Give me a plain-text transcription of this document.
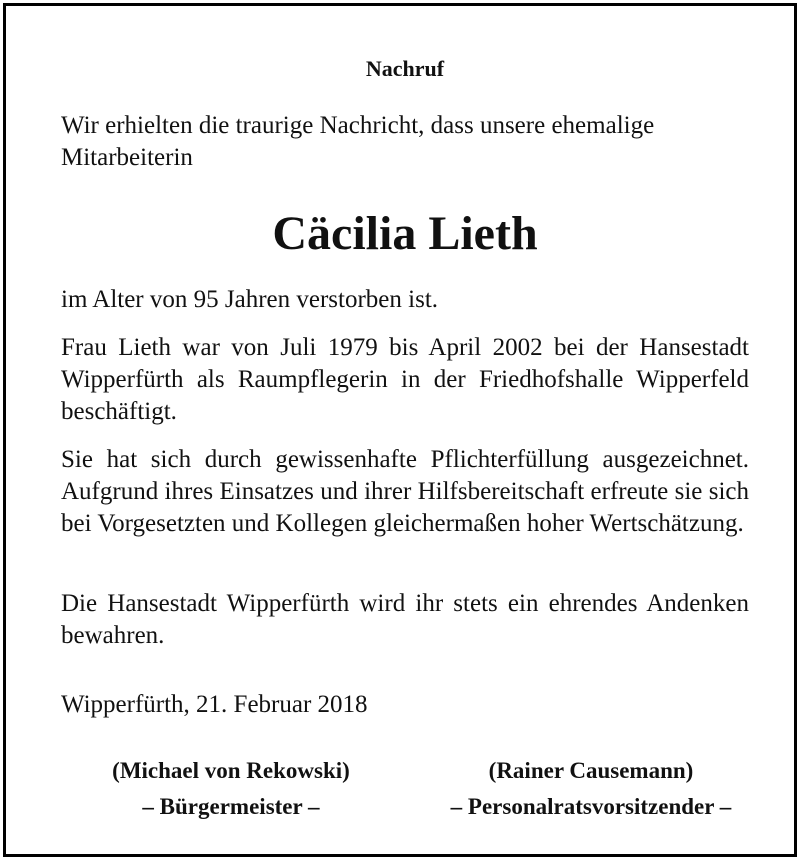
Nachruf

Wir erhielten die traurige Nachricht, dass unsere ehemalige Mitarbeiterin

Cäcilia Lieth

im Alter von 95 Jahren verstorben ist.

Frau Lieth war von Juli 1979 bis April 2002 bei der Hansestadt Wipperfürth als Raumpflegerin in der Friedhofshalle Wipperfeld beschäftigt.

Sie hat sich durch gewissenhafte Pflichterfüllung ausgezeichnet. Aufgrund ihres Einsatzes und ihrer Hilfsbereitschaft erfreute sie sich bei Vorgesetzten und Kollegen gleichermaßen hoher Wertschätzung.

Die Hansestadt Wipperfürth wird ihr stets ein ehrendes Andenken bewahren.

Wipperfürth, 21. Februar 2018

(Michael von Rekowski)
– Bürgermeister –
(Rainer Causemann)
– Personalratsvorsitzender –
